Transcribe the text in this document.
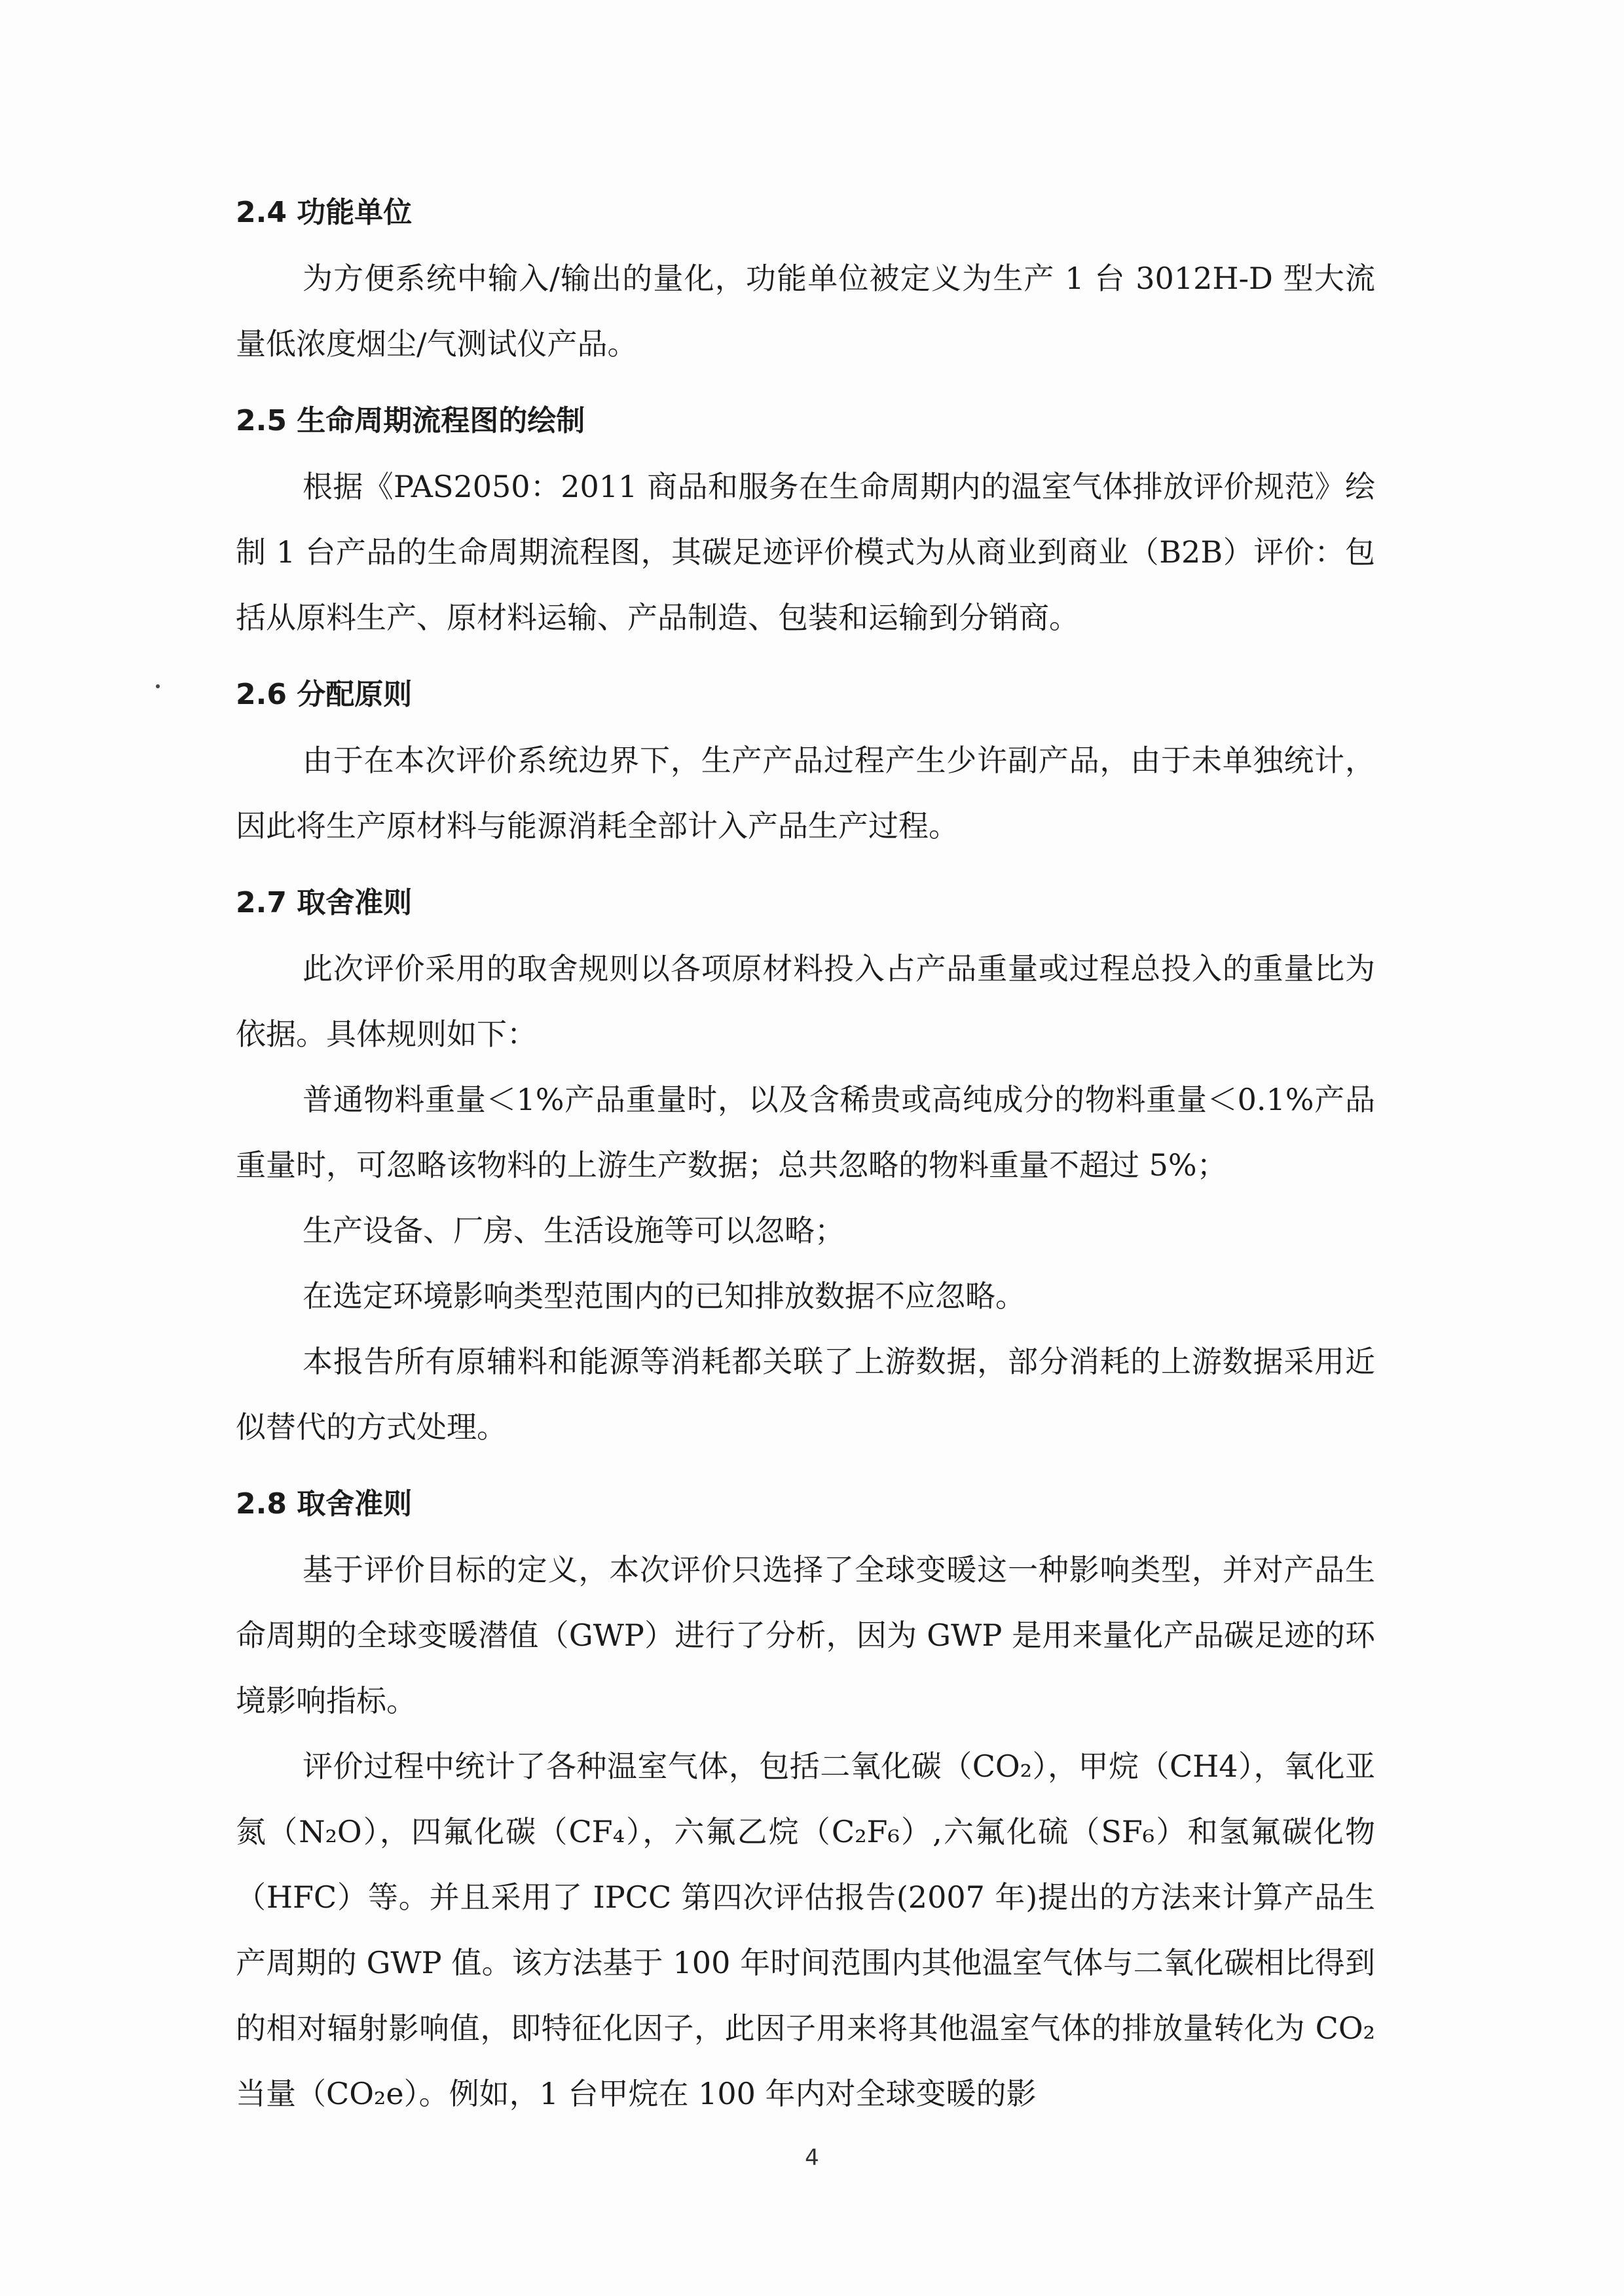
2.4 功能单位

为方便系统中输入/输出的量化，功能单位被定义为生产 1 台 3012H-D 型大流量低浓度烟尘/气测试仪产品。

2.5 生命周期流程图的绘制

根据《PAS2050：2011 商品和服务在生命周期内的温室气体排放评价规范》绘制 1 台产品的生命周期流程图，其碳足迹评价模式为从商业到商业（B2B）评价：包括从原料生产、原材料运输、产品制造、包装和运输到分销商。

2.6 分配原则

由于在本次评价系统边界下，生产产品过程产生少许副产品，由于未单独统计，因此将生产原材料与能源消耗全部计入产品生产过程。

2.7 取舍准则

此次评价采用的取舍规则以各项原材料投入占产品重量或过程总投入的重量比为依据。具体规则如下：

普通物料重量＜1%产品重量时，以及含稀贵或高纯成分的物料重量＜0.1%产品重量时，可忽略该物料的上游生产数据；总共忽略的物料重量不超过 5%；

生产设备、厂房、生活设施等可以忽略；

在选定环境影响类型范围内的已知排放数据不应忽略。

本报告所有原辅料和能源等消耗都关联了上游数据，部分消耗的上游数据采用近似替代的方式处理。

2.8 取舍准则

基于评价目标的定义，本次评价只选择了全球变暖这一种影响类型，并对产品生命周期的全球变暖潜值（GWP）进行了分析，因为 GWP 是用来量化产品碳足迹的环境影响指标。

评价过程中统计了各种温室气体，包括二氧化碳（CO₂），甲烷（CH4），氧化亚氮（N₂O），四氟化碳（CF₄），六氟乙烷（C₂F₆）,六氟化硫（SF₆）和氢氟碳化物（HFC）等。并且采用了 IPCC 第四次评估报告(2007 年)提出的方法来计算产品生产周期的 GWP 值。该方法基于 100 年时间范围内其他温室气体与二氧化碳相比得到的相对辐射影响值，即特征化因子，此因子用来将其他温室气体的排放量转化为 CO₂ 当量（CO₂e）。例如，1 台甲烷在 100 年内对全球变暖的影

4
